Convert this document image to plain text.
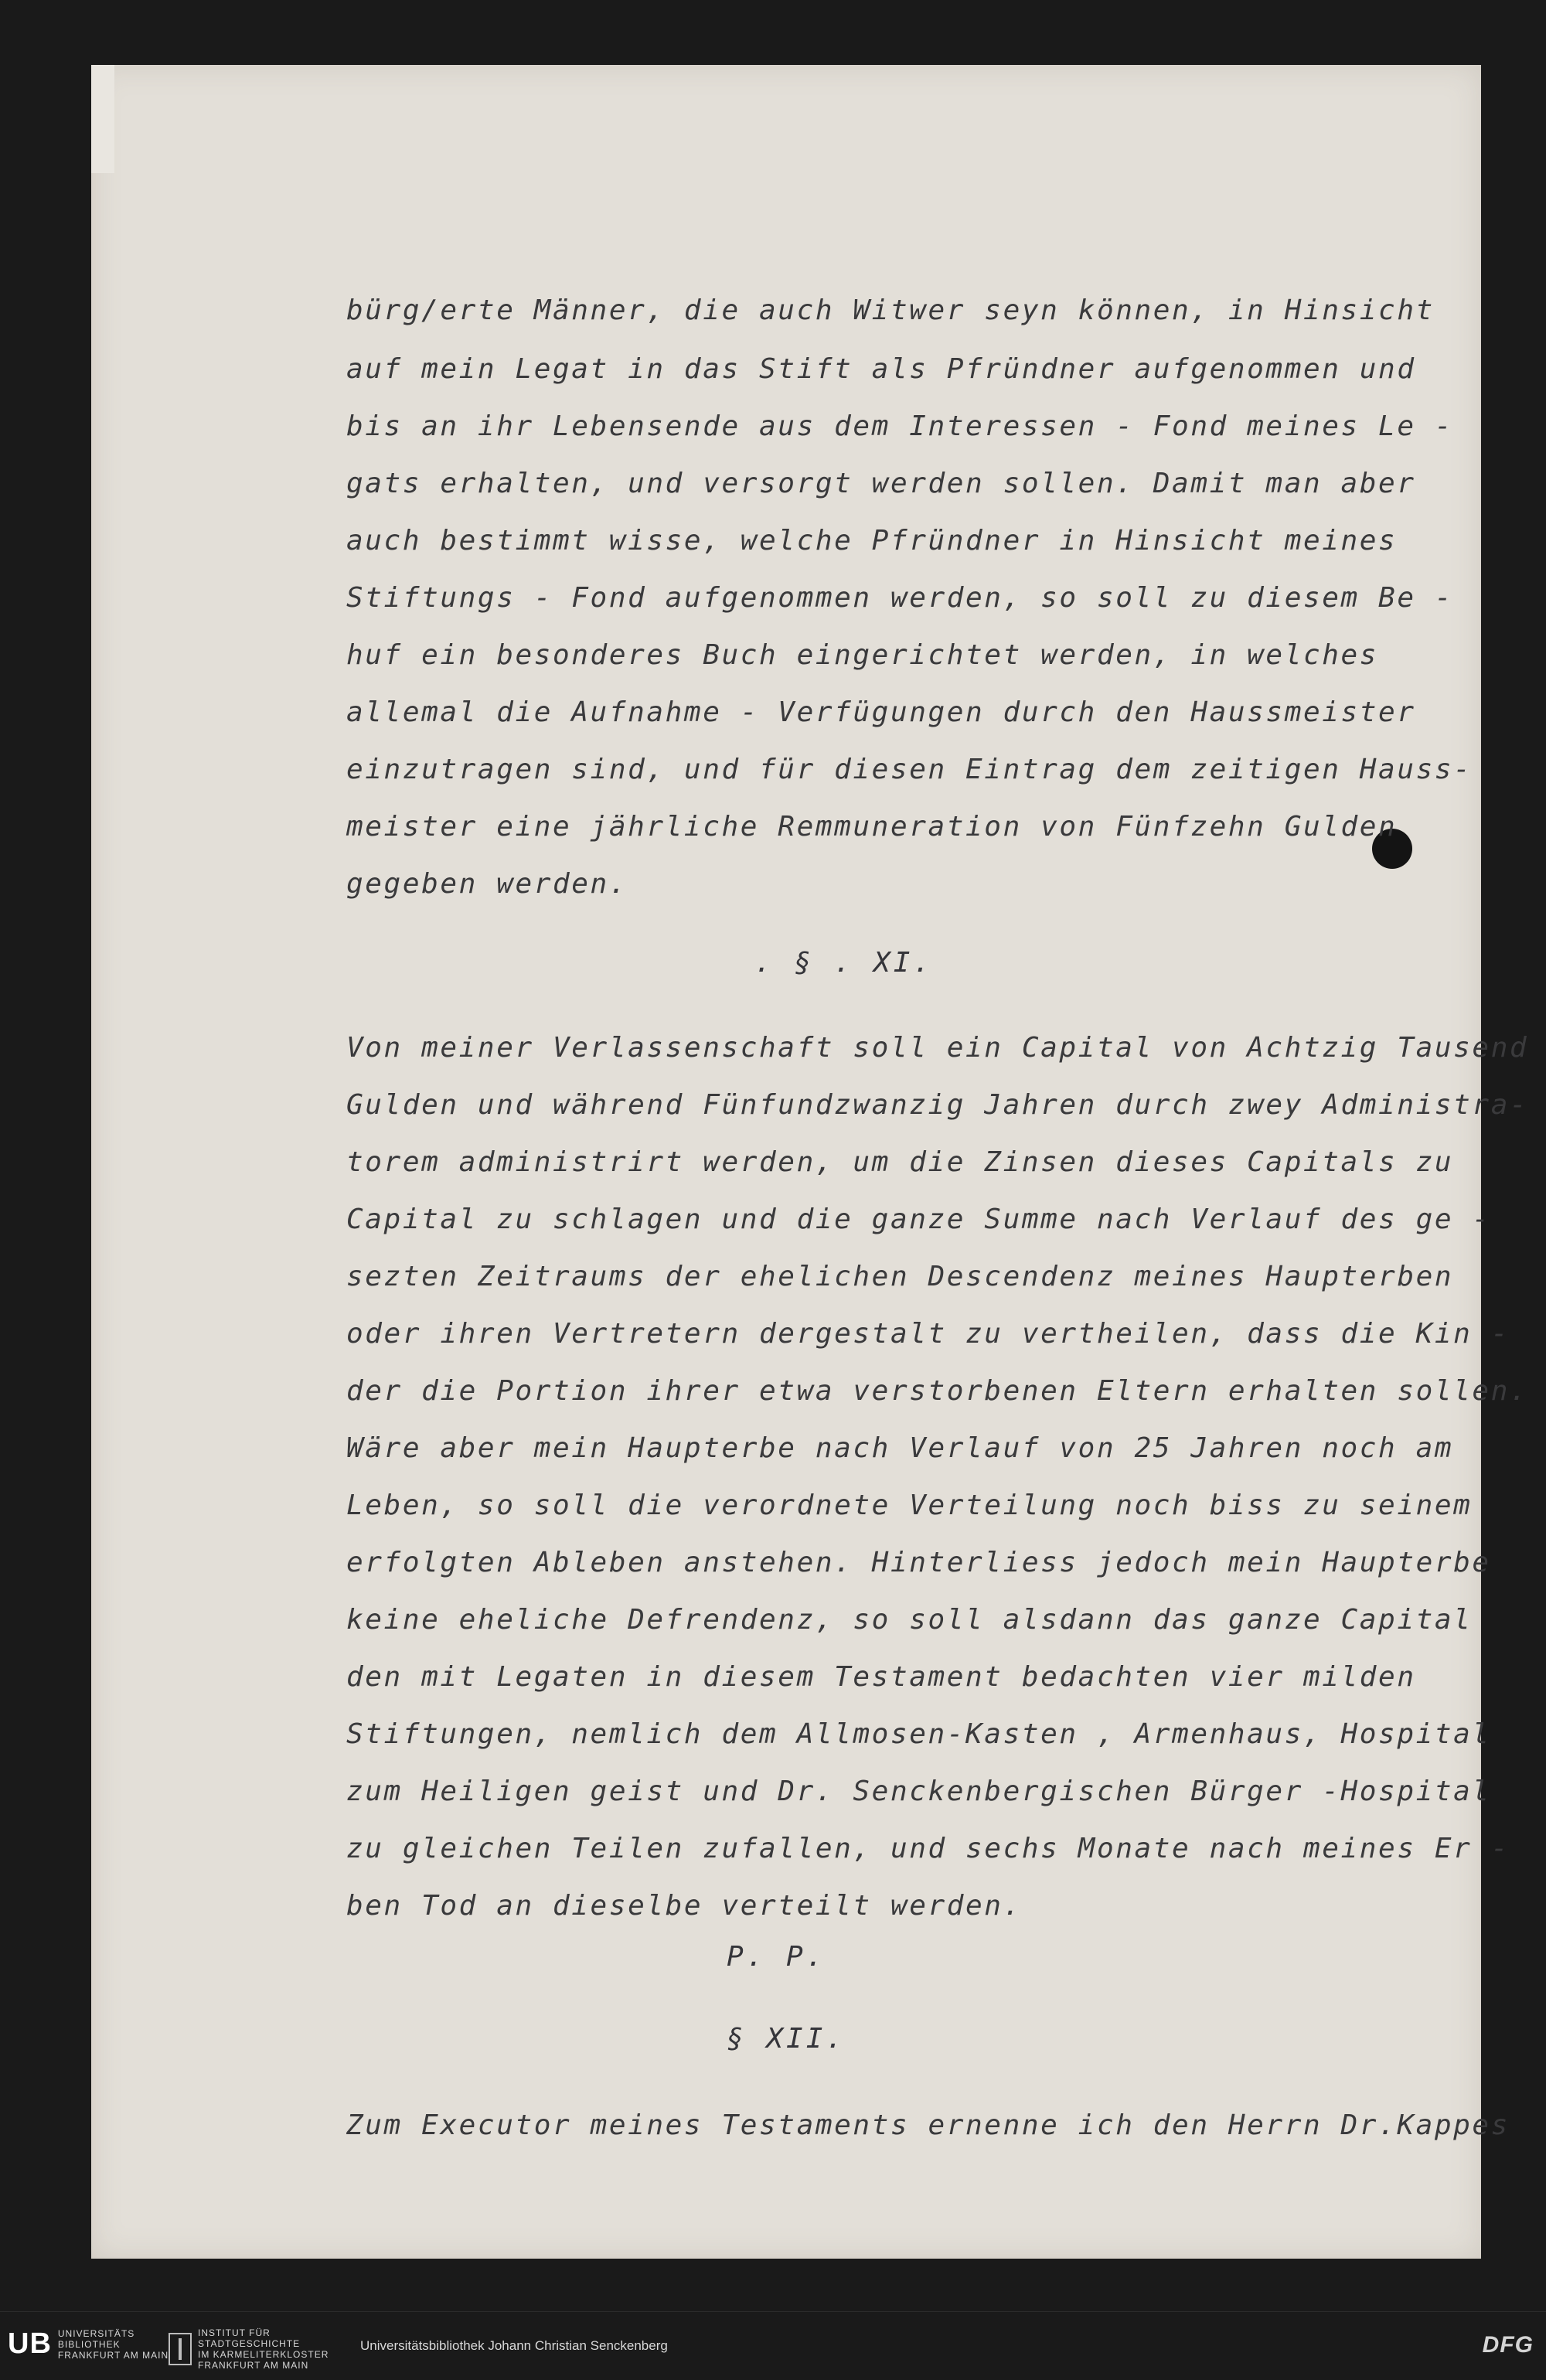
bürg/erte Männer, die auch Witwer seyn können, in Hinsicht
auf mein Legat in das Stift als Pfründner aufgenommen und
bis an ihr Lebensende aus dem Interessen - Fond meines Le -
gats erhalten, und versorgt werden sollen. Damit man aber
auch bestimmt wisse, welche Pfründner in Hinsicht meines
Stiftungs - Fond aufgenommen werden, so soll zu diesem Be -
huf ein besonderes Buch eingerichtet werden, in welches
allemal die Aufnahme - Verfügungen durch den Haussmeister
einzutragen sind, und für diesen Eintrag dem zeitigen Hauss-
meister eine jährliche Remmuneration von Fünfzehn Gulden
gegeben werden.
. § . XI.
Von meiner Verlassenschaft soll ein Capital von Achtzig Tausend
Gulden und während Fünfundzwanzig Jahren durch zwey Administra-
torem administrirt werden, um die Zinsen dieses Capitals zu
Capital zu schlagen und die ganze Summe nach Verlauf des ge -
sezten Zeitraums der ehelichen Descendenz meines Haupterben
oder ihren Vertretern dergestalt zu vertheilen, dass die Kin -
der die Portion ihrer etwa verstorbenen Eltern erhalten sollen.
Wäre aber mein Haupterbe nach Verlauf von 25 Jahren noch am
Leben, so soll die verordnete Verteilung noch biss zu seinem
erfolgten Ableben anstehen. Hinterliess jedoch mein Haupterbe
keine eheliche Defrendenz, so soll alsdann das ganze Capital
den mit Legaten in diesem Testament bedachten vier milden
Stiftungen, nemlich dem Allmosen-Kasten , Armenhaus, Hospital
zum Heiligen geist und Dr. Senckenbergischen Bürger -Hospital
zu gleichen Teilen zufallen, und sechs Monate nach meines Er -
ben Tod an dieselbe verteilt werden.
P. P.
§ XII.
Zum Executor meines Testaments ernenne ich den Herrn Dr.Kappes
UB UNIVERSITÄTS
BIBLIOTHEK
FRANKFURT AM MAIN
INSTITUT FÜR
STADTGESCHICHTE
IM KARMELITERKLOSTER
FRANKFURT AM MAIN
Universitätsbibliothek Johann Christian Senckenberg	DFG
